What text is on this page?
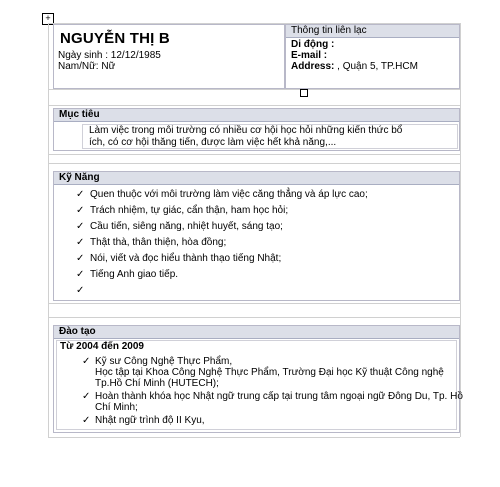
+
NGUYỄN THỊ B
Ngày sinh : 12/12/1985
Nam/Nữ: Nữ
Thông tin liên lạc
Di động :
E-mail :
Address: , Quận 5, TP.HCM
Mục tiêu
Làm việc trong môi trường có nhiều cơ hội học hỏi những kiến thức bổ
ích, có cơ hội thăng tiến, được làm việc hết khả năng,...
Kỹ Năng
✓ Quen thuộc với môi trường làm việc căng thẳng và áp lực cao;
✓ Trách nhiệm, tự giác, cẩn thận, ham học hỏi;
✓ Cầu tiến, siêng năng, nhiệt huyết, sáng tạo;
✓ Thật thà, thân thiện, hòa đồng;
✓ Nói, viết và đọc hiểu thành thạo tiếng Nhật;
✓ Tiếng Anh giao tiếp.
✓
Đào tạo
Từ 2004 đến 2009
✓ Kỹ sư Công Nghệ Thực Phẩm,
Học tập tại Khoa Công Nghệ Thực Phẩm, Trường Đại học Kỹ thuật Công nghệ
Tp.Hồ Chí Minh (HUTECH);
✓ Hoàn thành khóa học Nhật ngữ trung cấp tại trung tâm ngoại ngữ Đông Du, Tp. Hồ
Chí Minh;
✓ Nhật ngữ trình độ II Kyu,
